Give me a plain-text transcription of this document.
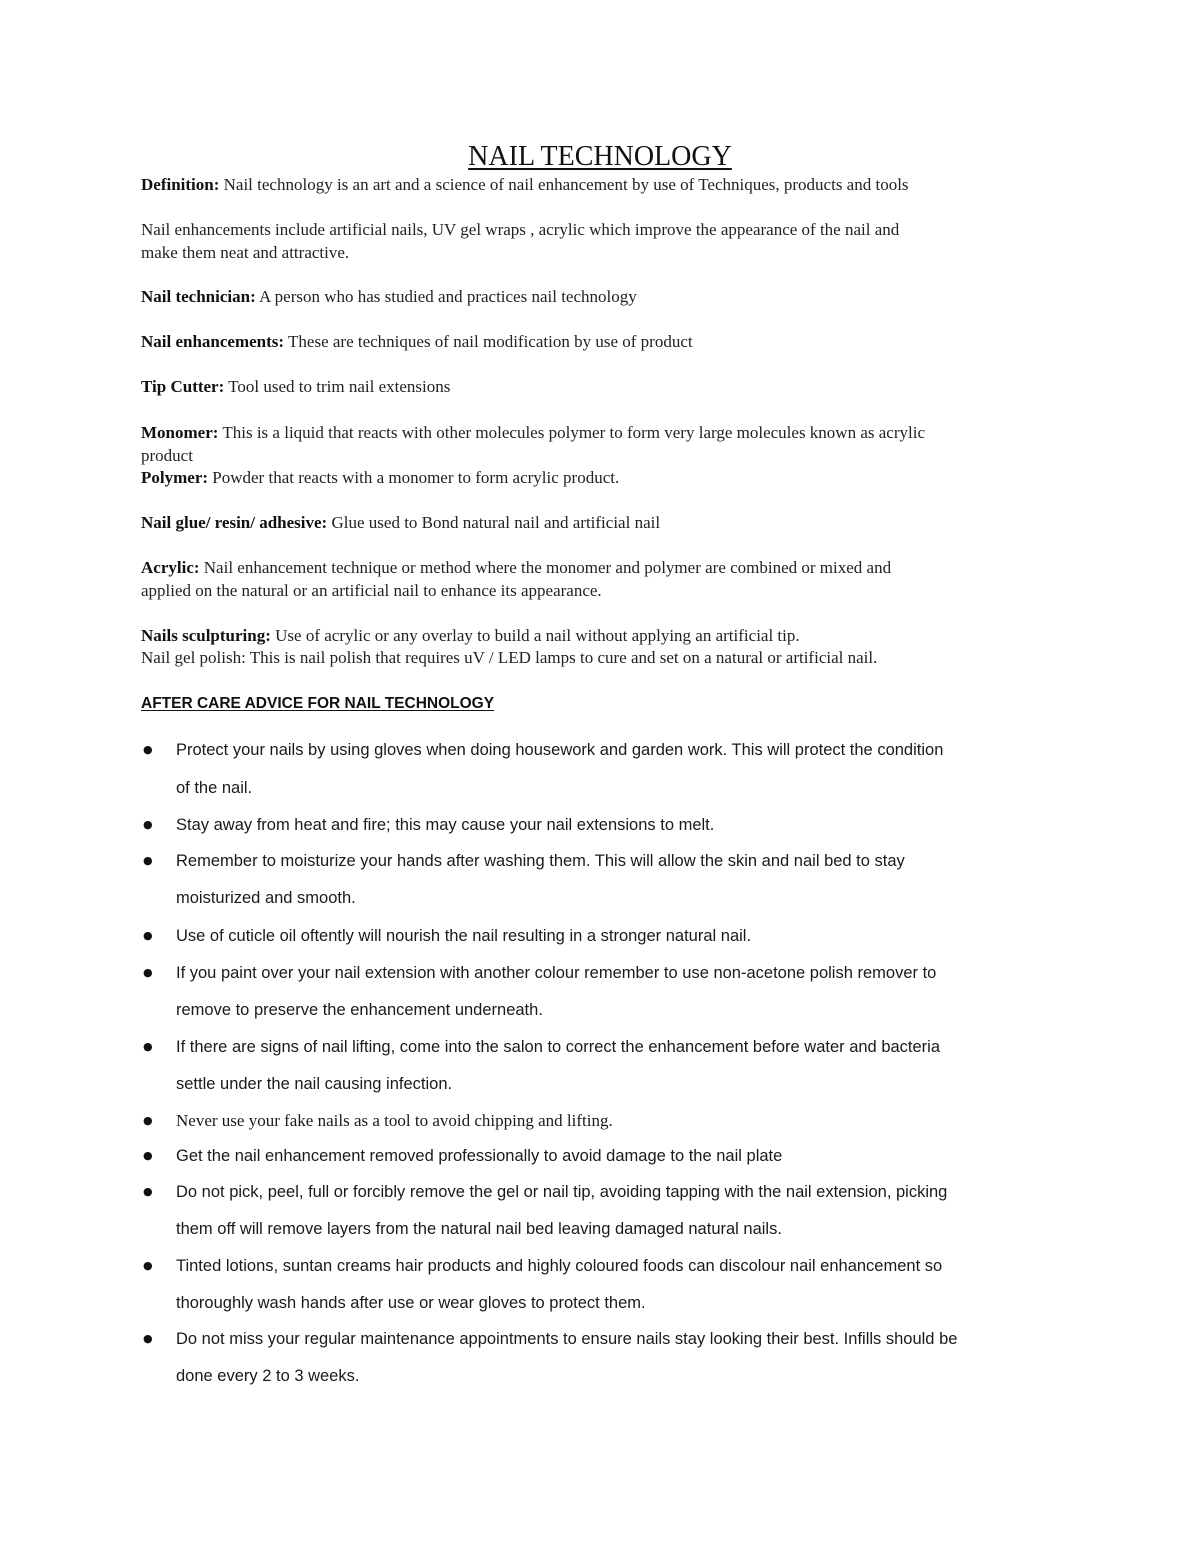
NAIL TECHNOLOGY
Definition: Nail technology is an art and a science of nail enhancement by use of Techniques, products and tools
Nail enhancements include artificial nails, UV gel wraps , acrylic which improve the appearance of the nail and
make them neat and attractive.
Nail technician: A person who has studied and practices nail technology
Nail enhancements: These are techniques of nail modification by use of product
Tip Cutter: Tool used to trim nail extensions
Monomer: This is a liquid that reacts with other molecules polymer to form very large molecules known as acrylic
product
Polymer: Powder that reacts with a monomer to form acrylic product.
Nail glue/ resin/ adhesive: Glue used to Bond natural nail and artificial nail
Acrylic: Nail enhancement technique or method where the monomer and polymer are combined or mixed and
applied on the natural or an artificial nail to enhance its appearance.
Nails sculpturing: Use of acrylic or any overlay to build a nail without applying an artificial tip.
Nail gel polish: This is nail polish that requires uV / LED lamps to cure and set on a natural or artificial nail.
AFTER CARE ADVICE FOR NAIL TECHNOLOGY
● Protect your nails by using gloves when doing housework and garden work. This will protect the condition
of the nail.
● Stay away from heat and fire; this may cause your nail extensions to melt.
● Remember to moisturize your hands after washing them. This will allow the skin and nail bed to stay
moisturized and smooth.
● Use of cuticle oil oftently will nourish the nail resulting in a stronger natural nail.
● If you paint over your nail extension with another colour remember to use non-acetone polish remover to
remove to preserve the enhancement underneath.
● If there are signs of nail lifting, come into the salon to correct the enhancement before water and bacteria
settle under the nail causing infection.
● Never use your fake nails as a tool to avoid chipping and lifting.
● Get the nail enhancement removed professionally to avoid damage to the nail plate
● Do not pick, peel, full or forcibly remove the gel or nail tip, avoiding tapping with the nail extension, picking
them off will remove layers from the natural nail bed leaving damaged natural nails.
● Tinted lotions, suntan creams hair products and highly coloured foods can discolour nail enhancement so
thoroughly wash hands after use or wear gloves to protect them.
● Do not miss your regular maintenance appointments to ensure nails stay looking their best. Infills should be
done every 2 to 3 weeks.
